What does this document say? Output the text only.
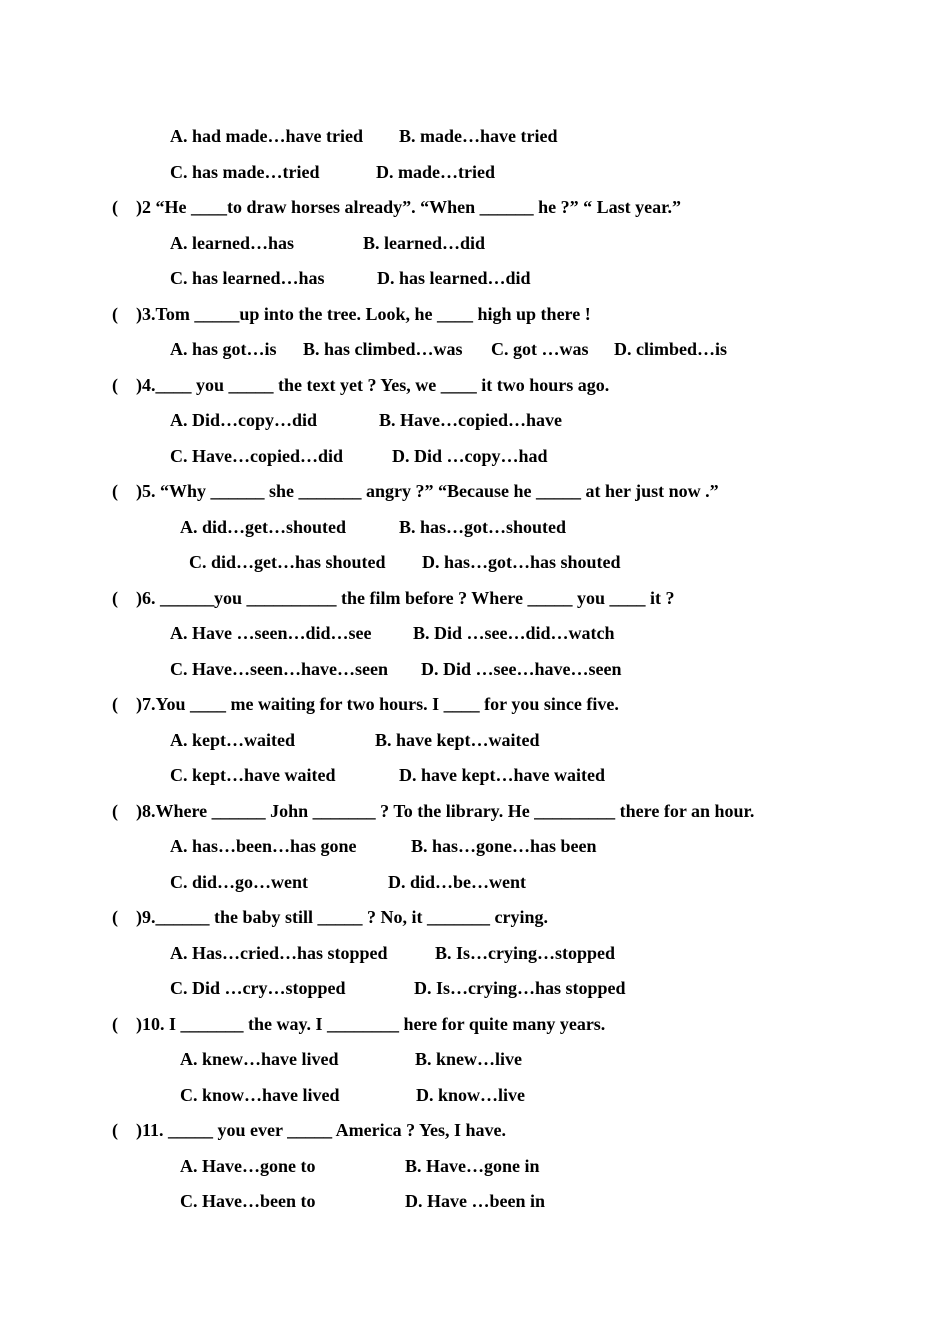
A. had made…have tried B. made…have tried
C. has made…tried	D. made…tried
( )2 “He ____to draw horses already”. “When ______ he ?” “ Last year.”
A. learned…has	B. learned…did
C. has learned…has	D. has learned…did
( )3.Tom _____up into the tree. Look, he ____ high up there !
A. has got…is B. has climbed…was C. got …was D. climbed…is
( )4.____ you _____ the text yet ? Yes, we ____ it two hours ago.
A. Did…copy…did	B. Have…copied…have
C. Have…copied…did	D. Did …copy…had
( )5. “Why ______ she _______ angry ?” “Because he _____ at her just now .”
A. did…get…shouted	B. has…got…shouted
C. did…get…has shouted D. has…got…has shouted
( )6. ______you __________ the film before ? Where _____ you ____ it ?
A. Have …seen…did…see B. Did …see…did…watch
C. Have…seen…have…seen D. Did …see…have…seen
( )7.You ____ me waiting for two hours. I ____ for you since five.
A. kept…waited	B. have kept…waited
C. kept…have waited	D. have kept…have waited
( )8.Where ______ John _______ ? To the library. He _________ there for an hour.
A. has…been…has gone	B. has…gone…has been
C. did…go…went	D. did…be…went
( )9.______ the baby still _____ ? No, it _______ crying.
A. Has…cried…has stopped	B. Is…crying…stopped
C. Did …cry…stopped	D. Is…crying…has stopped
( )10. I _______ the way. I ________ here for quite many years.
A. knew…have lived	B. knew…live
C. know…have lived	D. know…live
( )11. _____ you ever _____ America ? Yes, I have.
A. Have…gone to	B. Have…gone in
C. Have…been to	D. Have …been in
